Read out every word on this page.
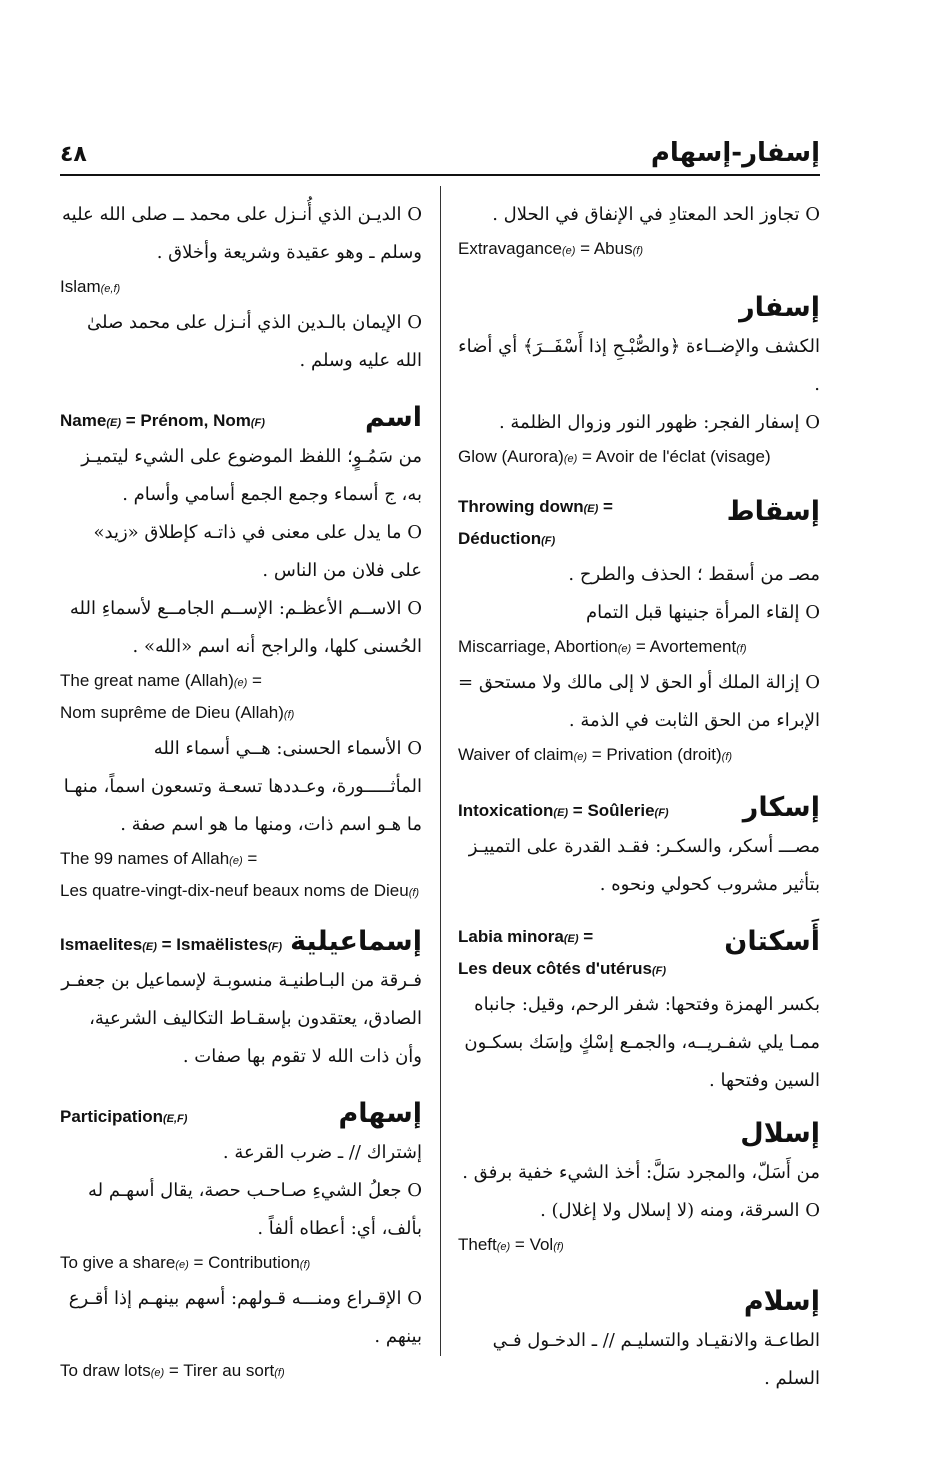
٤٨	إسفار-إسهام

O تجاوز الحد المعتادِ في الإنفاق في الحلال .

Extravagance(e) = Abus(f)

إسفار

الكشف والإضــاءة ﴿والصُّبْـحِ إذا أَسْفَــرَ﴾ أي أضاء .

O إسفار الفجر: ظهور النور وزوال الظلمة .

Glow (Aurora)(e) = Avoir de l'éclat (visage)

Throwing down(E) =
Déduction(F)
إسقاط

مصـ من أسقط ؛ الحذف والطرح .

O إلقاء المرأة جنينها قبل التمام

Miscarriage, Abortion(e) = Avortement(f)

O إزالة الملك أو الحق لا إلى مالك ولا مستحق = الإبراء من الحق الثابت في الذمة .

Waiver of claim(e) = Privation (droit)(f)

Intoxication(E) = Soûlerie(F)	إسكار

مصـــ أسكر، والسكـر: فقـد القدرة على التمييـز بتأثير مشروب كحولي ونحوه .

Labia minora(E) =
Les deux côtés d'utérus(F)
أَسكتان

بكسر الهمزة وفتحها: شفر الرحم، وقيل: جانباه ممـا يلي شفـريــه، والجمـع إسْكٍ وإسَك بسكـون السين وفتحها .

إسلال

من أَسَلّ، والمجرد سَلَّ: أخذ الشيء خفية برفق .

O السرقة، ومنه (لا إسلال ولا إغلال) .

Theft(e) = Vol(f)

إسلام

الطاعـة والانقيـاد والتسليـم // ـ الدخـول فـي السلم .

O الديـن الذي أُنـزل على محمد ــ صلى الله عليه وسلم ـ وهو عقيدة وشريعة وأخلاق .

Islam(e,f)

O الإيمان بالـدين الذي أنـزل على محمد صلىٰ الله عليه وسلم .

Name(E) = Prénom, Nom(F)	اسم

من سَمُـوٍ؛ اللفظ الموضوع على الشيء ليتميـز به، ج أسماء وجمع الجمع أسامي وأسام .

O ما يدل على معنى في ذاتـه كإطلاق «زيد» على فلان من الناس .

O الاســم الأعظـم: الإســم الجامــع لأسماءِ الله الحُسنى كلها، والراجح أنه اسم «الله» .

The great name (Allah)(e) =

Nom suprême de Dieu (Allah)(f)

O الأسماء الحسنى: هــي أسماء الله المأثـــــورة، وعـددها تسعـة وتسعون اسماً، منهـا ما هـو اسم ذات، ومنها ما هو اسم صفة .

The 99 names of Allah(e) =

Les quatre-vingt-dix-neuf beaux noms de Dieu(f)

Ismaelites(E) = Ismaëlistes(F) إسماعيلية

فـرقة من البـاطنيـة منسوبـة لإسماعيل بن جعفـر الصادق، يعتقدون بإسقـاط التكاليف الشرعية، وأن ذات الله لا تقوم بها صفات .

Participation(E,F)	إسهام

إشتراك // ـ ضرب القرعة .

O جعلُ الشيءِ صـاحـب حصة، يقال أسهـم له بألف، أي: أعطاه ألفاً .

To give a share(e) = Contribution(f)

O الإقـراع ومنـــه قـولهم: أسهم بينهـم إذا أقـرع بينهم .

To draw lots(e) = Tirer au sort(f)
